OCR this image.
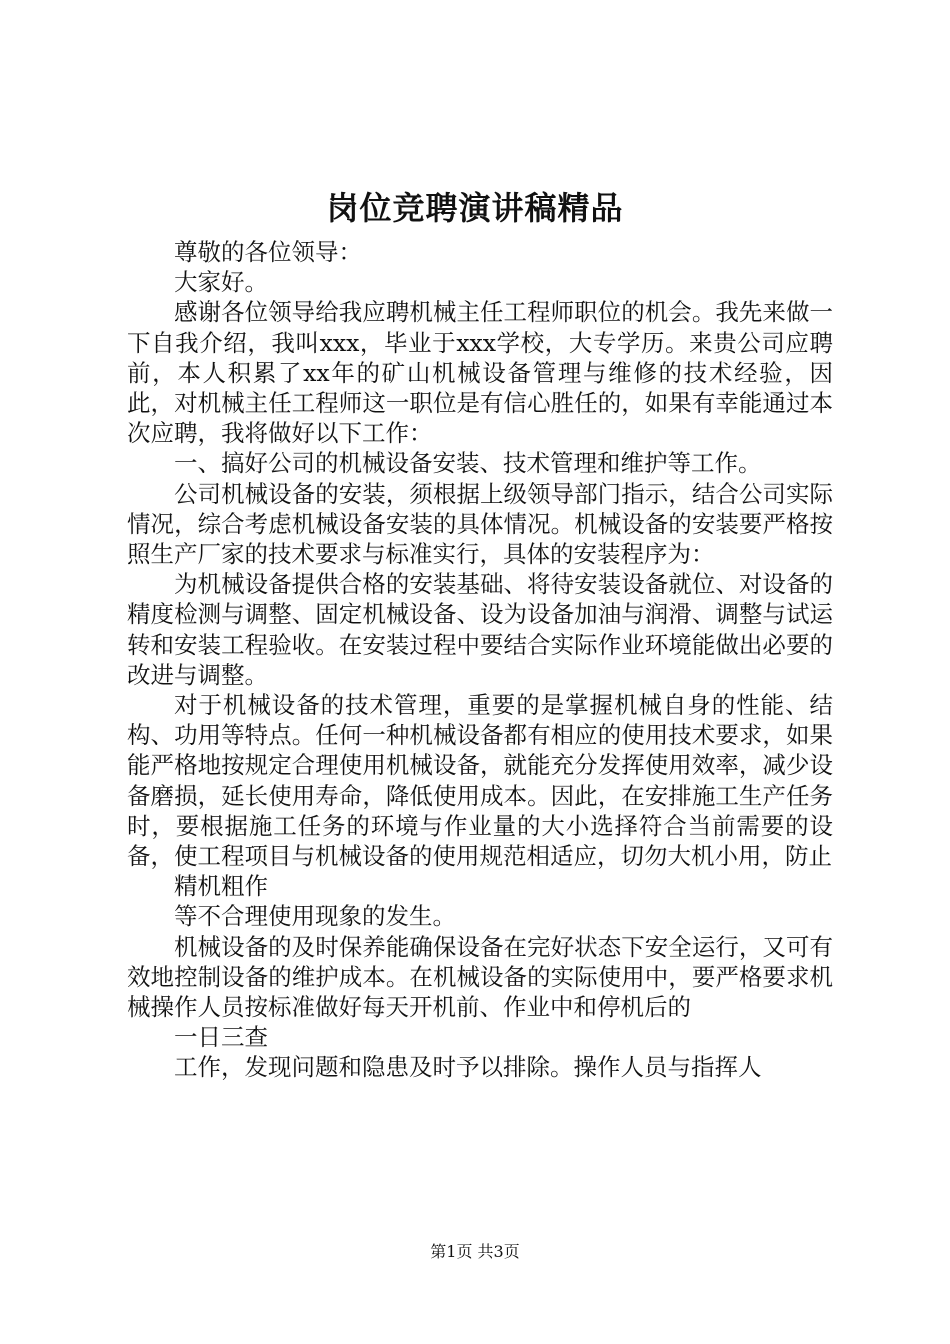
岗位竞聘演讲稿精品

尊敬的各位领导：

大家好。

感谢各位领导给我应聘机械主任工程师职位的机会。我先来做一下自我介绍，我叫xxx，毕业于xxx学校，大专学历。来贵公司应聘前，本人积累了xx年的矿山机械设备管理与维修的技术经验，因此，对机械主任工程师这一职位是有信心胜任的，如果有幸能通过本次应聘，我将做好以下工作：

一、搞好公司的机械设备安装、技术管理和维护等工作。

公司机械设备的安装，须根据上级领导部门指示，结合公司实际情况，综合考虑机械设备安装的具体情况。机械设备的安装要严格按照生产厂家的技术要求与标准实行，具体的安装程序为：

为机械设备提供合格的安装基础、将待安装设备就位、对设备的精度检测与调整、固定机械设备、设为设备加油与润滑、调整与试运转和安装工程验收。在安装过程中要结合实际作业环境能做出必要的改进与调整。

对于机械设备的技术管理，重要的是掌握机械自身的性能、结构、功用等特点。任何一种机械设备都有相应的使用技术要求，如果能严格地按规定合理使用机械设备，就能充分发挥使用效率，减少设备磨损，延长使用寿命，降低使用成本。因此，在安排施工生产任务时，要根据施工任务的环境与作业量的大小选择符合当前需要的设备，使工程项目与机械设备的使用规范相适应，切勿大机小用，防止

精机粗作

等不合理使用现象的发生。

机械设备的及时保养能确保设备在完好状态下安全运行，又可有效地控制设备的维护成本。在机械设备的实际使用中，要严格要求机械操作人员按标准做好每天开机前、作业中和停机后的

一日三查

工作，发现问题和隐患及时予以排除。操作人员与指挥人

第1页 共3页
